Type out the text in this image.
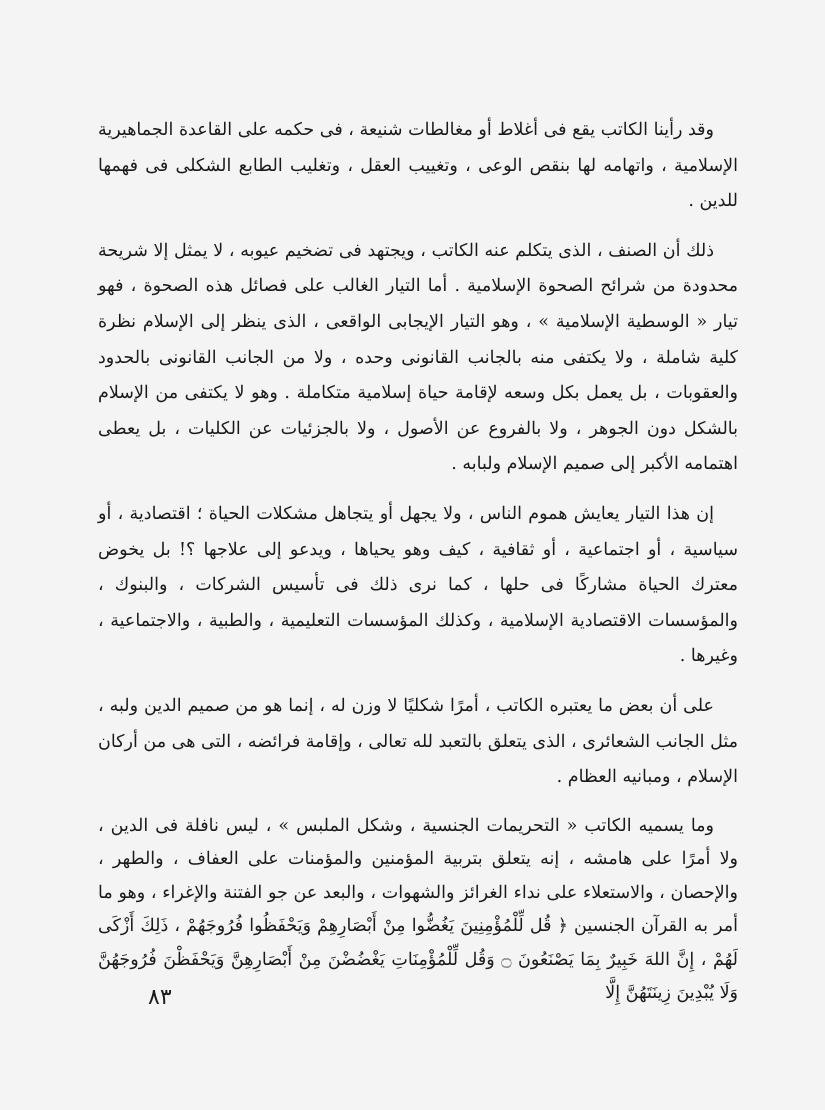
وقد رأينا الكاتب يقع فى أغلاط أو مغالطات شنيعة ، فى حكمه على القاعدة الجماهيرية الإسلامية ، واتهامه لها بنقص الوعى ، وتغييب العقل ، وتغليب الطابع الشكلى فى فهمها للدين .

ذلك أن الصنف ، الذى يتكلم عنه الكاتب ، ويجتهد فى تضخيم عيوبه ، لا يمثل إلا شريحة محدودة من شرائح الصحوة الإسلامية . أما التيار الغالب على فصائل هذه الصحوة ، فهو تيار « الوسطية الإسلامية » ، وهو التيار الإيجابى الواقعى ، الذى ينظر إلى الإسلام نظرة كلية شاملة ، ولا يكتفى منه بالجانب القانونى وحده ، ولا من الجانب القانونى بالحدود والعقوبات ، بل يعمل بكل وسعه لإقامة حياة إسلامية متكاملة . وهو لا يكتفى من الإسلام بالشكل دون الجوهر ، ولا بالفروع عن الأصول ، ولا بالجزئيات عن الكليات ، بل يعطى اهتمامه الأكبر إلى صميم الإسلام ولبابه .

إن هذا التيار يعايش هموم الناس ، ولا يجهل أو يتجاهل مشكلات الحياة ؛ اقتصادية ، أو سياسية ، أو اجتماعية ، أو ثقافية ، كيف وهو يحياها ، ويدعو إلى علاجها ؟! بل يخوض معترك الحياة مشاركًا فى حلها ، كما نرى ذلك فى تأسيس الشركات ، والبنوك ، والمؤسسات الاقتصادية الإسلامية ، وكذلك المؤسسات التعليمية ، والطبية ، والاجتماعية ، وغيرها .

على أن بعض ما يعتبره الكاتب ، أمرًا شكليًا لا وزن له ، إنما هو من صميم الدين ولبه ، مثل الجانب الشعائرى ، الذى يتعلق بالتعبد لله تعالى ، وإقامة فرائضه ، التى هى من أركان الإسلام ، ومبانيه العظام .

وما يسميه الكاتب « التحريمات الجنسية ، وشكل الملبس » ، ليس نافلة فى الدين ، ولا أمرًا على هامشه ، إنه يتعلق بتربية المؤمنين والمؤمنات على العفاف ، والطهر ، والإحصان ، والاستعلاء على نداء الغرائز والشهوات ، والبعد عن جو الفتنة والإغراء ، وهو ما أمر به القرآن الجنسين ﴿ قُل لِّلْمُؤْمِنِينَ يَغُضُّوا مِنْ أَبْصَارِهِمْ وَيَحْفَظُوا فُرُوجَهُمْ ، ذَلِكَ أَزْكَى لَهُمْ ، إِنَّ اللهَ خَبِيرٌ بِمَا يَصْنَعُونَ ۝ وَقُل لِّلْمُؤْمِنَاتِ يَغْضُضْنَ مِنْ أَبْصَارِهِنَّ وَيَحْفَظْنَ فُرُوجَهُنَّ وَلَا يُبْدِينَ زِينَتَهُنَّ إِلَّا

٨٣
